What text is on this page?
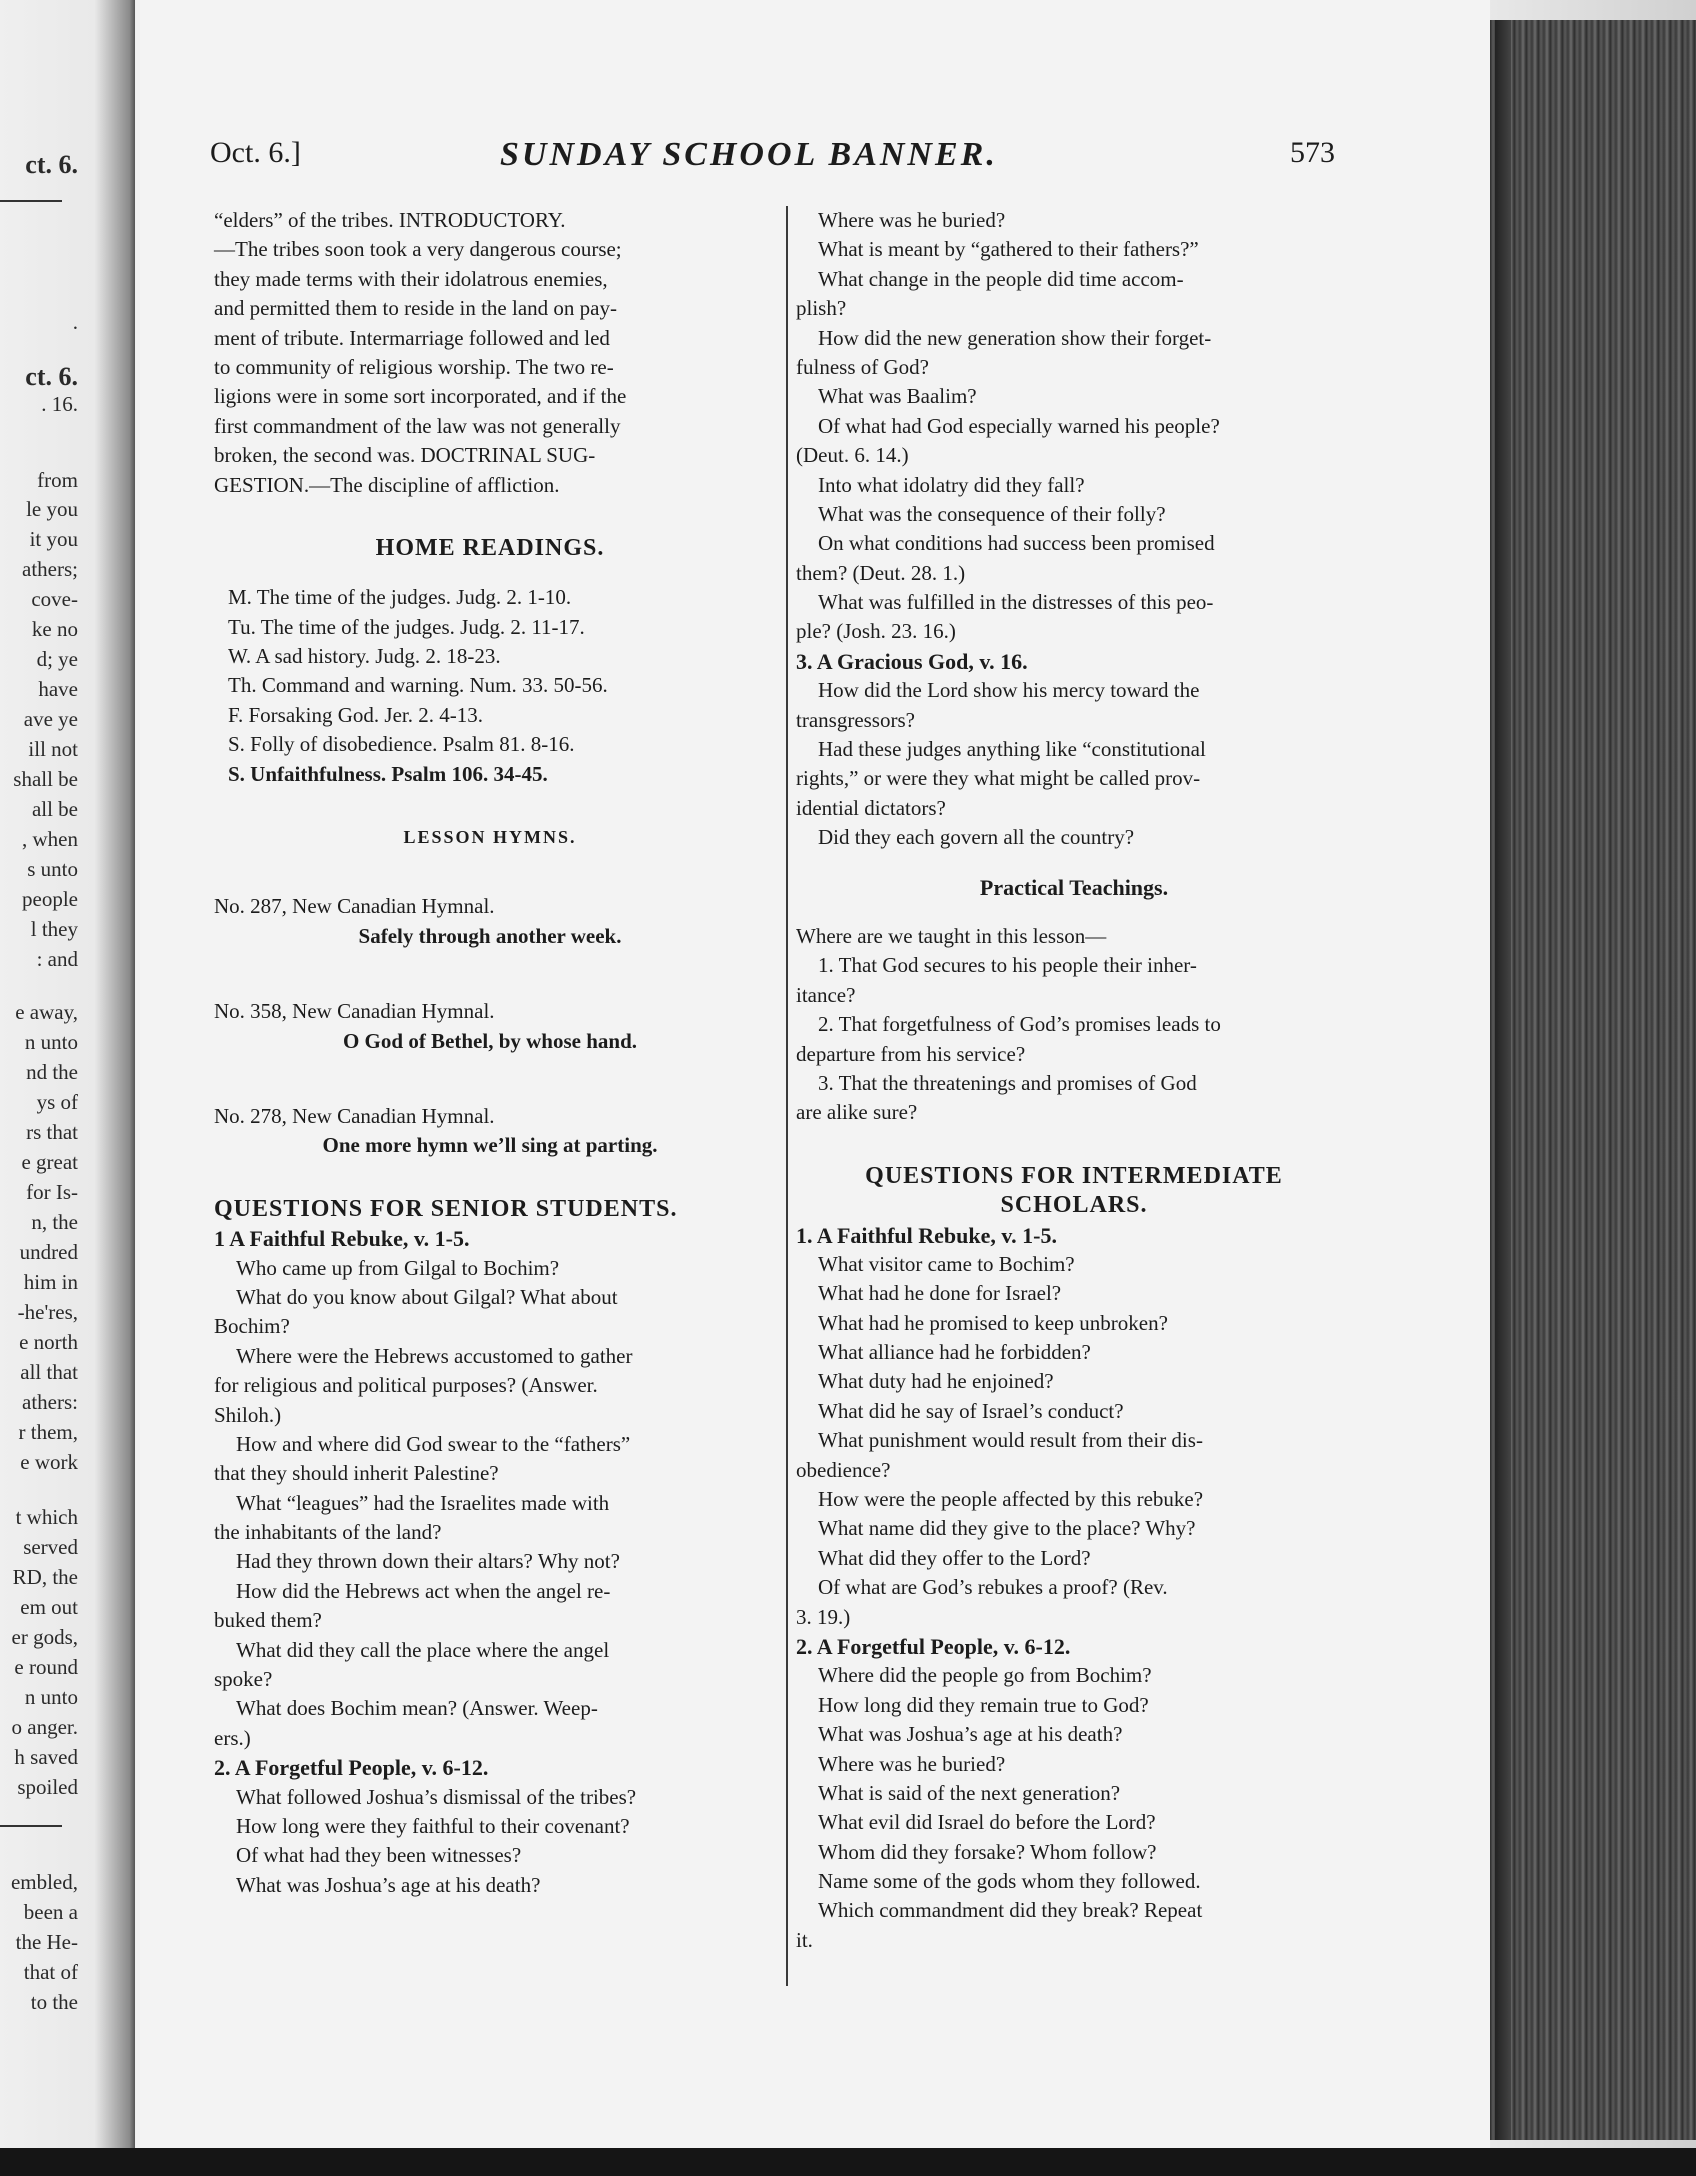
ct. 6.
.
ct. 6.
. 16.
from
le you
it you
athers;
cove-
ke no
d; ye
have
ave ye
ill not
shall be
all be
, when
s unto
people
l they
: and
e away,
n unto
nd the
ys of
rs that
e great
for Is-
n, the
undred
him in
-he'res,
e north
all that
athers:
r them,
e work
t which
served
RD, the
em out
er gods,
e round
n unto
o anger.
h saved
spoiled
embled,
been a
the He-
that of
to the
Oct. 6.]	SUNDAY SCHOOL BANNER.	573
“elders” of the tribes. INTRODUCTORY.
—The tribes soon took a very dangerous course;
they made terms with their idolatrous enemies,
and permitted them to reside in the land on pay-
ment of tribute. Intermarriage followed and led
to community of religious worship. The two re-
ligions were in some sort incorporated, and if the
first commandment of the law was not generally
broken, the second was. DOCTRINAL SUG-
GESTION.—The discipline of affliction.
HOME READINGS.
M. The time of the judges. Judg. 2. 1-10.
Tu. The time of the judges. Judg. 2. 11-17.
W. A sad history. Judg. 2. 18-23.
Th. Command and warning. Num. 33. 50-56.
F. Forsaking God. Jer. 2. 4-13.
S. Folly of disobedience. Psalm 81. 8-16.
S. Unfaithfulness. Psalm 106. 34-45.
LESSON HYMNS.
No. 287, New Canadian Hymnal.
Safely through another week.
No. 358, New Canadian Hymnal.
O God of Bethel, by whose hand.
No. 278, New Canadian Hymnal.
One more hymn we’ll sing at parting.
QUESTIONS FOR SENIOR STUDENTS.
1 A Faithful Rebuke, v. 1-5.
Who came up from Gilgal to Bochim?
What do you know about Gilgal? What about
Bochim?
Where were the Hebrews accustomed to gather
for religious and political purposes? (Answer.
Shiloh.)
How and where did God swear to the “fathers”
that they should inherit Palestine?
What “leagues” had the Israelites made with
the inhabitants of the land?
Had they thrown down their altars? Why not?
How did the Hebrews act when the angel re-
buked them?
What did they call the place where the angel
spoke?
What does Bochim mean? (Answer. Weep-
ers.)
2. A Forgetful People, v. 6-12.
What followed Joshua’s dismissal of the tribes?
How long were they faithful to their covenant?
Of what had they been witnesses?
What was Joshua’s age at his death?
Where was he buried?
What is meant by “gathered to their fathers?”
What change in the people did time accom-
plish?
How did the new generation show their forget-
fulness of God?
What was Baalim?
Of what had God especially warned his people?
(Deut. 6. 14.)
Into what idolatry did they fall?
What was the consequence of their folly?
On what conditions had success been promised
them? (Deut. 28. 1.)
What was fulfilled in the distresses of this peo-
ple? (Josh. 23. 16.)
3. A Gracious God, v. 16.
How did the Lord show his mercy toward the
transgressors?
Had these judges anything like “constitutional
rights,” or were they what might be called prov-
idential dictators?
Did they each govern all the country?
Practical Teachings.
Where are we taught in this lesson—
1. That God secures to his people their inher-
itance?
2. That forgetfulness of God’s promises leads to
departure from his service?
3. That the threatenings and promises of God
are alike sure?
QUESTIONS FOR INTERMEDIATE
SCHOLARS.
1. A Faithful Rebuke, v. 1-5.
What visitor came to Bochim?
What had he done for Israel?
What had he promised to keep unbroken?
What alliance had he forbidden?
What duty had he enjoined?
What did he say of Israel’s conduct?
What punishment would result from their dis-
obedience?
How were the people affected by this rebuke?
What name did they give to the place? Why?
What did they offer to the Lord?
Of what are God’s rebukes a proof? (Rev.
3. 19.)
2. A Forgetful People, v. 6-12.
Where did the people go from Bochim?
How long did they remain true to God?
What was Joshua’s age at his death?
Where was he buried?
What is said of the next generation?
What evil did Israel do before the Lord?
Whom did they forsake? Whom follow?
Name some of the gods whom they followed.
Which commandment did they break? Repeat
it.
